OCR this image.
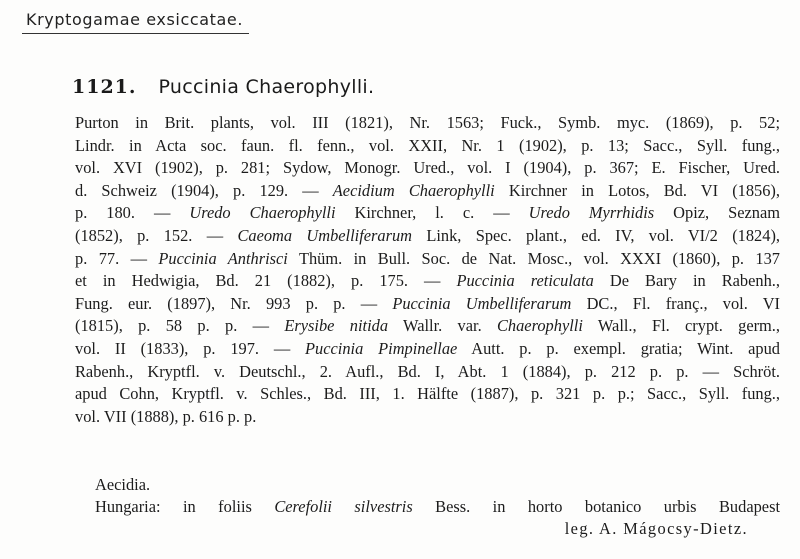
Kryptogamae exsiccatae.
1121. Puccinia Chaerophylli.
Purton in Brit. plants, vol. III (1821), Nr. 1563; Fuck., Symb. myc. (1869), p. 52;
Lindr. in Acta soc. faun. fl. fenn., vol. XXII, Nr. 1 (1902), p. 13; Sacc., Syll. fung.,
vol. XVI (1902), p. 281; Sydow, Monogr. Ured., vol. I (1904), p. 367; E. Fischer, Ured.
d. Schweiz (1904), p. 129. — Aecidium Chaerophylli Kirchner in Lotos, Bd. VI (1856),
p. 180. — Uredo Chaerophylli Kirchner, l. c. — Uredo Myrrhidis Opiz, Seznam
(1852), p. 152. — Caeoma Umbelliferarum Link, Spec. plant., ed. IV, vol. VI/2 (1824),
p. 77. — Puccinia Anthrisci Thüm. in Bull. Soc. de Nat. Mosc., vol. XXXI (1860), p. 137
et in Hedwigia, Bd. 21 (1882), p. 175. — Puccinia reticulata De Bary in Rabenh.,
Fung. eur. (1897), Nr. 993 p. p. — Puccinia Umbelliferarum DC., Fl. franç., vol. VI
(1815), p. 58 p. p. — Erysibe nitida Wallr. var. Chaerophylli Wall., Fl. crypt. germ.,
vol. II (1833), p. 197. — Puccinia Pimpinellae Autt. p. p. exempl. gratia; Wint. apud
Rabenh., Kryptfl. v. Deutschl., 2. Aufl., Bd. I, Abt. 1 (1884), p. 212 p. p. — Schröt.
apud Cohn, Kryptfl. v. Schles., Bd. III, 1. Hälfte (1887), p. 321 p. p.; Sacc., Syll. fung.,
vol. VII (1888), p. 616 p. p.
Aecidia.
Hungaria: in foliis Cerefolii silvestris Bess. in horto botanico urbis Budapest
leg. A. Mágocsy-Dietz.
